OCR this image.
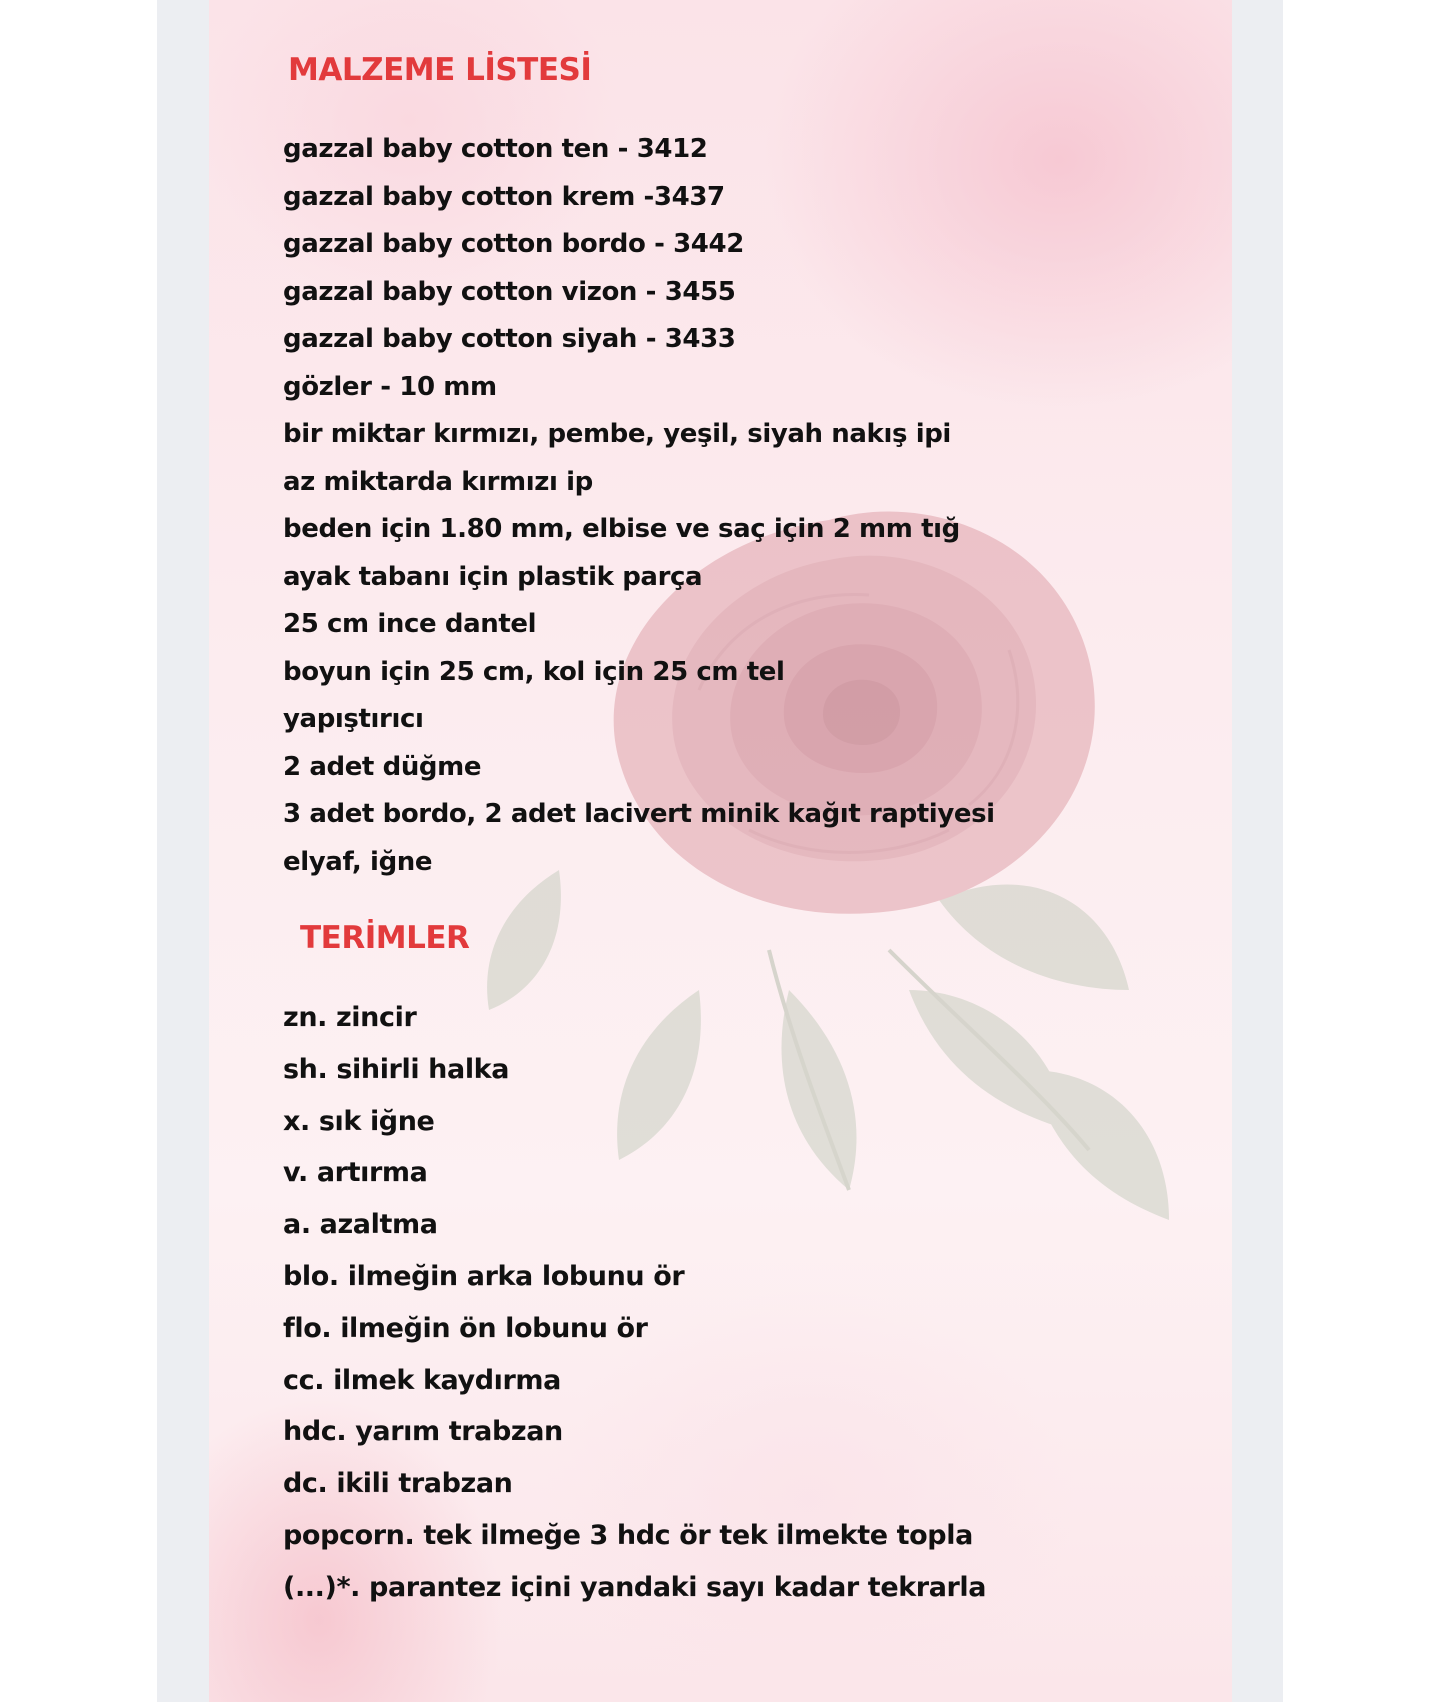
MALZEME LİSTESİ
gazzal baby cotton ten - 3412
gazzal baby cotton krem -3437
gazzal baby cotton bordo - 3442
gazzal baby cotton vizon - 3455
gazzal baby cotton siyah - 3433
gözler - 10 mm
bir miktar kırmızı, pembe, yeşil, siyah nakış ipi
az miktarda kırmızı ip
beden için 1.80 mm, elbise ve saç için 2 mm tığ
ayak tabanı için plastik parça
25 cm ince dantel
boyun için 25 cm, kol için 25 cm tel
yapıştırıcı
2 adet düğme
3 adet bordo, 2 adet lacivert minik kağıt raptiyesi
elyaf, iğne
TERİMLER
zn. zincir
sh. sihirli halka
x. sık iğne
v. artırma
a. azaltma
blo. ilmeğin arka lobunu ör
flo. ilmeğin ön lobunu ör
cc. ilmek kaydırma
hdc. yarım trabzan
dc. ikili trabzan
popcorn. tek ilmeğe 3 hdc ör tek ilmekte topla
(...)*. parantez içini yandaki sayı kadar tekrarla
